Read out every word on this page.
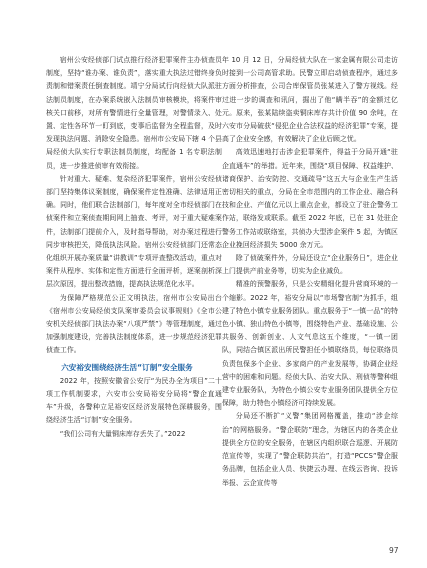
宿州公安经侦部门试点推行经济犯罪案件主办侦查员制度，坚持“谁办案、谁负责”，落实重大执法过错终身负责制和错案责任倒查制度。靖宁分局试行向经侦大队派驻法制员制度，在办案系统嵌入法制员审核模块，将案件审核关口前移，对所有警情进行全量管理，对警情录入、处置、定性各环节一盯到底，变事后监督为全程监督，及时发现执法问题、消除安全隐患。宿州市公安局下辖 4 个县局经侦大队实行专职法制员制度，均配备 1 名专职法制员，进一步推进侦审有效衔接。

针对重大、疑难、复杂经济犯罪案件，宿州公安经侦部门坚持集体议案制度，确保案件定性准确、法律适用正确。同时，他们联合法制部门，每年度对全市经侦部门在侦案件和立案侦查期间网上抽查、考评，对于重大疑难案件，法制部门提前介入，及时指导帮助，对办案过程进行同步审核把关，降低执法风险。宿州公安经侦部门还常态化组织开展办案质量“讲教训”专项评查整改活动，重点对案件从程序、实体和定性方面进行全面评析，逐案剖析深层次原因，提出整改措施，提高执法规范化水平。

为保障严格规范公正文明执法，宿州市公安局出台《宿州市公安局经侦支队案审委员会议事规则》《全市公安机关经侦部门执法办案“八项严禁”》等管理制度，通过加强制度建设，完善执法制度体系，进一步规范经济犯罪侦查工作。

六安裕安围绕经济生活“订制”安全服务

2022 年，按照安徽省公安厅“为民办全为项目”二十项工作机制要求，六安市公安局裕安分局将“警企直通车”升级，各警种立足裕安区经济发展特色深耕服务，围绕经济生活“订制”安全服务。

“我们公司有大量铜床库存丢失了。”2022

年 10 月 12 日，分局经侦大队在一家金属有限公司走访时接到一公司高管求助。民警立即启动侦查程序，通过多方面分析排查，公司合库保管员张某进入了警方视线。经过进一步的调查和讯问，掘出了他“瞒半吞”的金额过亿元。原来，张某陆续盗卖铜床库存共计价值 90 余吨，在六安市分局破获“侵犯企业合法权益的经济犯罪”专案，提高了企业安全感，有效解决了企业后顾之忧。

高效迅速地打击涉企犯罪案件，得益于分局开通“驻企直通车”的举措。近年来，围绕“项目保障、权益维护、诸商保护、治安防控、交通疏导”这五大与企业生产生活密切相关的重点，分局在全市范围内的工作企业、融合科技和企业、产值亿元以上重点企业，都设立了驻企警务工作站，联络发或联系。截至 2022 年底，已在 31 处驻企警务工作站或联络室，共侦办大型涉企案件 5 起，为镇区企业挽回经济损失 5000 余万元。

除了侦破案件外，分局还设立“企业服务日”，进企业上门提供产前业务等，切实为企业减负。

精准的预警服务，只是公安精细化提升营商环境的一个缩影。2022 年，裕安分局以“市场警官制”为抓手，组建了特色小镇专业服务团队。重点服务于“一镇一品”的特色小镇、独山特色小镇等，围绕特色产业、基础设施、公共服务、创新创业、人文气息这五个维度，“一镇一团队，同结合镇区派出所民警担任小镇联络员，每位联络员负责包保多个企业、多家商户的产业发展等，协调企业经营中的困难和问题。经侦大队、治安大队、刑侦等警种组建专业服务队，为特色小镇公安专业服务团队提供全方位保障，助力特色小镇经济可持续发展。

分局还不断扩“义警”集团网格覆盖，推动“涉企综治”的网格服务。“警企联防”理念，为辖区内的各类企业提供全方位的安全服务，在辖区内组织联合巡逻、开展防范宣传等，实现了“警企联防共治”，打造“PCCS”警企服务品牌，包括企业人员、快捷云办理、在线云咨询、投诉举报、云企宣传等

97
